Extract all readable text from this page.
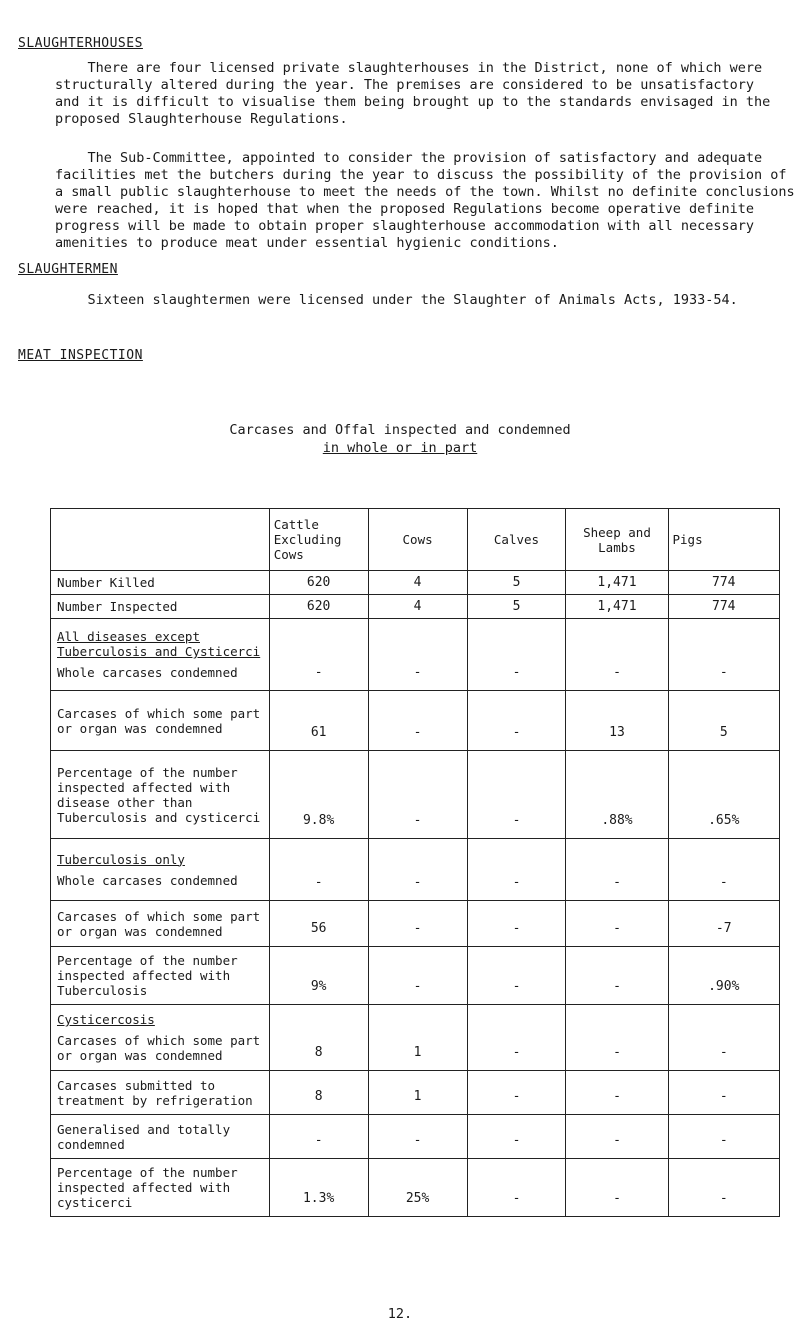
SLAUGHTERHOUSES
There are four licensed private slaughterhouses in the District, none of which were structurally altered during the year. The premises are considered to be unsatisfactory and it is difficult to visualise them being brought up to the standards envisaged in the proposed Slaughterhouse Regulations.
The Sub-Committee, appointed to consider the provision of satisfactory and adequate facilities met the butchers during the year to discuss the possibility of the provision of a small public slaughterhouse to meet the needs of the town. Whilst no definite conclusions were reached, it is hoped that when the proposed Regulations become operative definite progress will be made to obtain proper slaughterhouse accommodation with all necessary amenities to produce meat under essential hygienic conditions.
SLAUGHTERMEN
Sixteen slaughtermen were licensed under the Slaughter of Animals Acts, 1933-54.
MEAT INSPECTION
Carcases and Offal inspected and condemned
in whole or in part
	Cattle Excluding Cows	Cows	Calves	Sheep and Lambs	Pigs

Number Killed	620	4	5	1,471	774

Number Inspected	620	4	5	1,471	774

All diseases except Tuberculosis and Cysticerci
Whole carcases condemned	-	-	-	-	-

Carcases of which some part or organ was condemned	61	-	-	13	5

Percentage of the number inspected affected with disease other than Tuberculosis and cysticerci	9.8%	-	-	.88%	.65%

Tuberculosis only
Whole carcases condemned	-	-	-	-	-

Carcases of which some part or organ was condemned	56	-	-	-	-7

Percentage of the number inspected affected with Tuberculosis	9%	-	-	-	.90%

Cysticercosis
Carcases of which some part or organ was condemned	8	1	-	-	-

Carcases submitted to treatment by refrigeration	8	1	-	-	-

Generalised and totally condemned	-	-	-	-	-

Percentage of the number inspected affected with cysticerci	1.3%	25%	-	-	-
12.
